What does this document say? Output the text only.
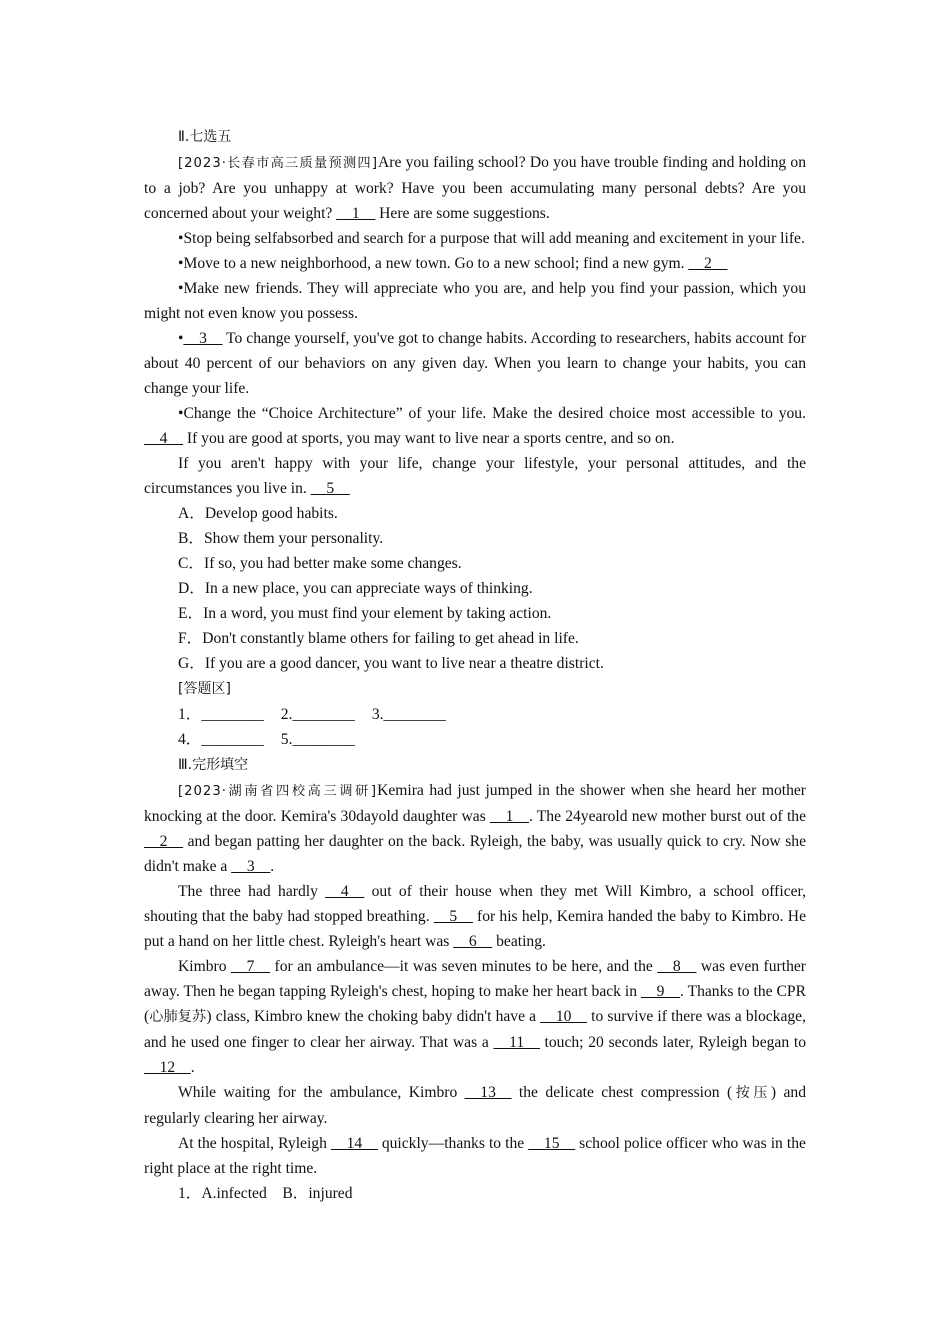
Ⅱ.七选五

[2023·长春市高三质量预测四]Are you failing school? Do you have trouble finding and holding on to a job? Are you unhappy at work? Have you been accumulating many personal debts? Are you concerned about your weight? __1__ Here are some suggestions.

•Stop being selfabsorbed and search for a purpose that will add meaning and excitement in your life.

•Move to a new neighborhood, a new town. Go to a new school; find a new gym. __2__

•Make new friends. They will appreciate who you are, and help you find your passion, which you might not even know you possess.

•__3__ To change yourself, you've got to change habits. According to researchers, habits account for about 40 percent of our behaviors on any given day. When you learn to change your habits, you can change your life.

•Change the “Choice Architecture” of your life. Make the desired choice most accessible to you. __4__ If you are good at sports, you may want to live near a sports centre, and so on.

If you aren't happy with your life, change your lifestyle, your personal attitudes, and the circumstances you live in. __5__

A．Develop good habits.
B．Show them your personality.
C．If so, you had better make some changes.
D．In a new place, you can appreciate ways of thinking.
E．In a word, you must find your element by taking action.
F．Don't constantly blame others for failing to get ahead in life.
G．If you are a good dancer, you want to live near a theatre district.
[答题区]
1．________ 2.________ 3.________
4．________ 5.________
Ⅲ.完形填空

[2023·湖南省四校高三调研]Kemira had just jumped in the shower when she heard her mother knocking at the door. Kemira's 30dayold daughter was __1__. The 24yearold new mother burst out of the __2__ and began patting her daughter on the back. Ryleigh, the baby, was usually quick to cry. Now she didn't make a __3__.

The three had hardly __4__ out of their house when they met Will Kimbro, a school officer, shouting that the baby had stopped breathing. __5__ for his help, Kemira handed the baby to Kimbro. He put a hand on her little chest. Ryleigh's heart was __6__ beating.

Kimbro __7__ for an ambulance—it was seven minutes to be here, and the __8__ was even further away. Then he began tapping Ryleigh's chest, hoping to make her heart back in __9__. Thanks to the CPR (心肺复苏) class, Kimbro knew the choking baby didn't have a __10__ to survive if there was a blockage, and he used one finger to clear her airway. That was a __11__ touch; 20 seconds later, Ryleigh began to __12__.

While waiting for the ambulance, Kimbro __13__ the delicate chest compression (按压) and regularly clearing her airway.

At the hospital, Ryleigh __14__ quickly—thanks to the __15__ school police officer who was in the right place at the right time.

1．A.infected　B．injured
